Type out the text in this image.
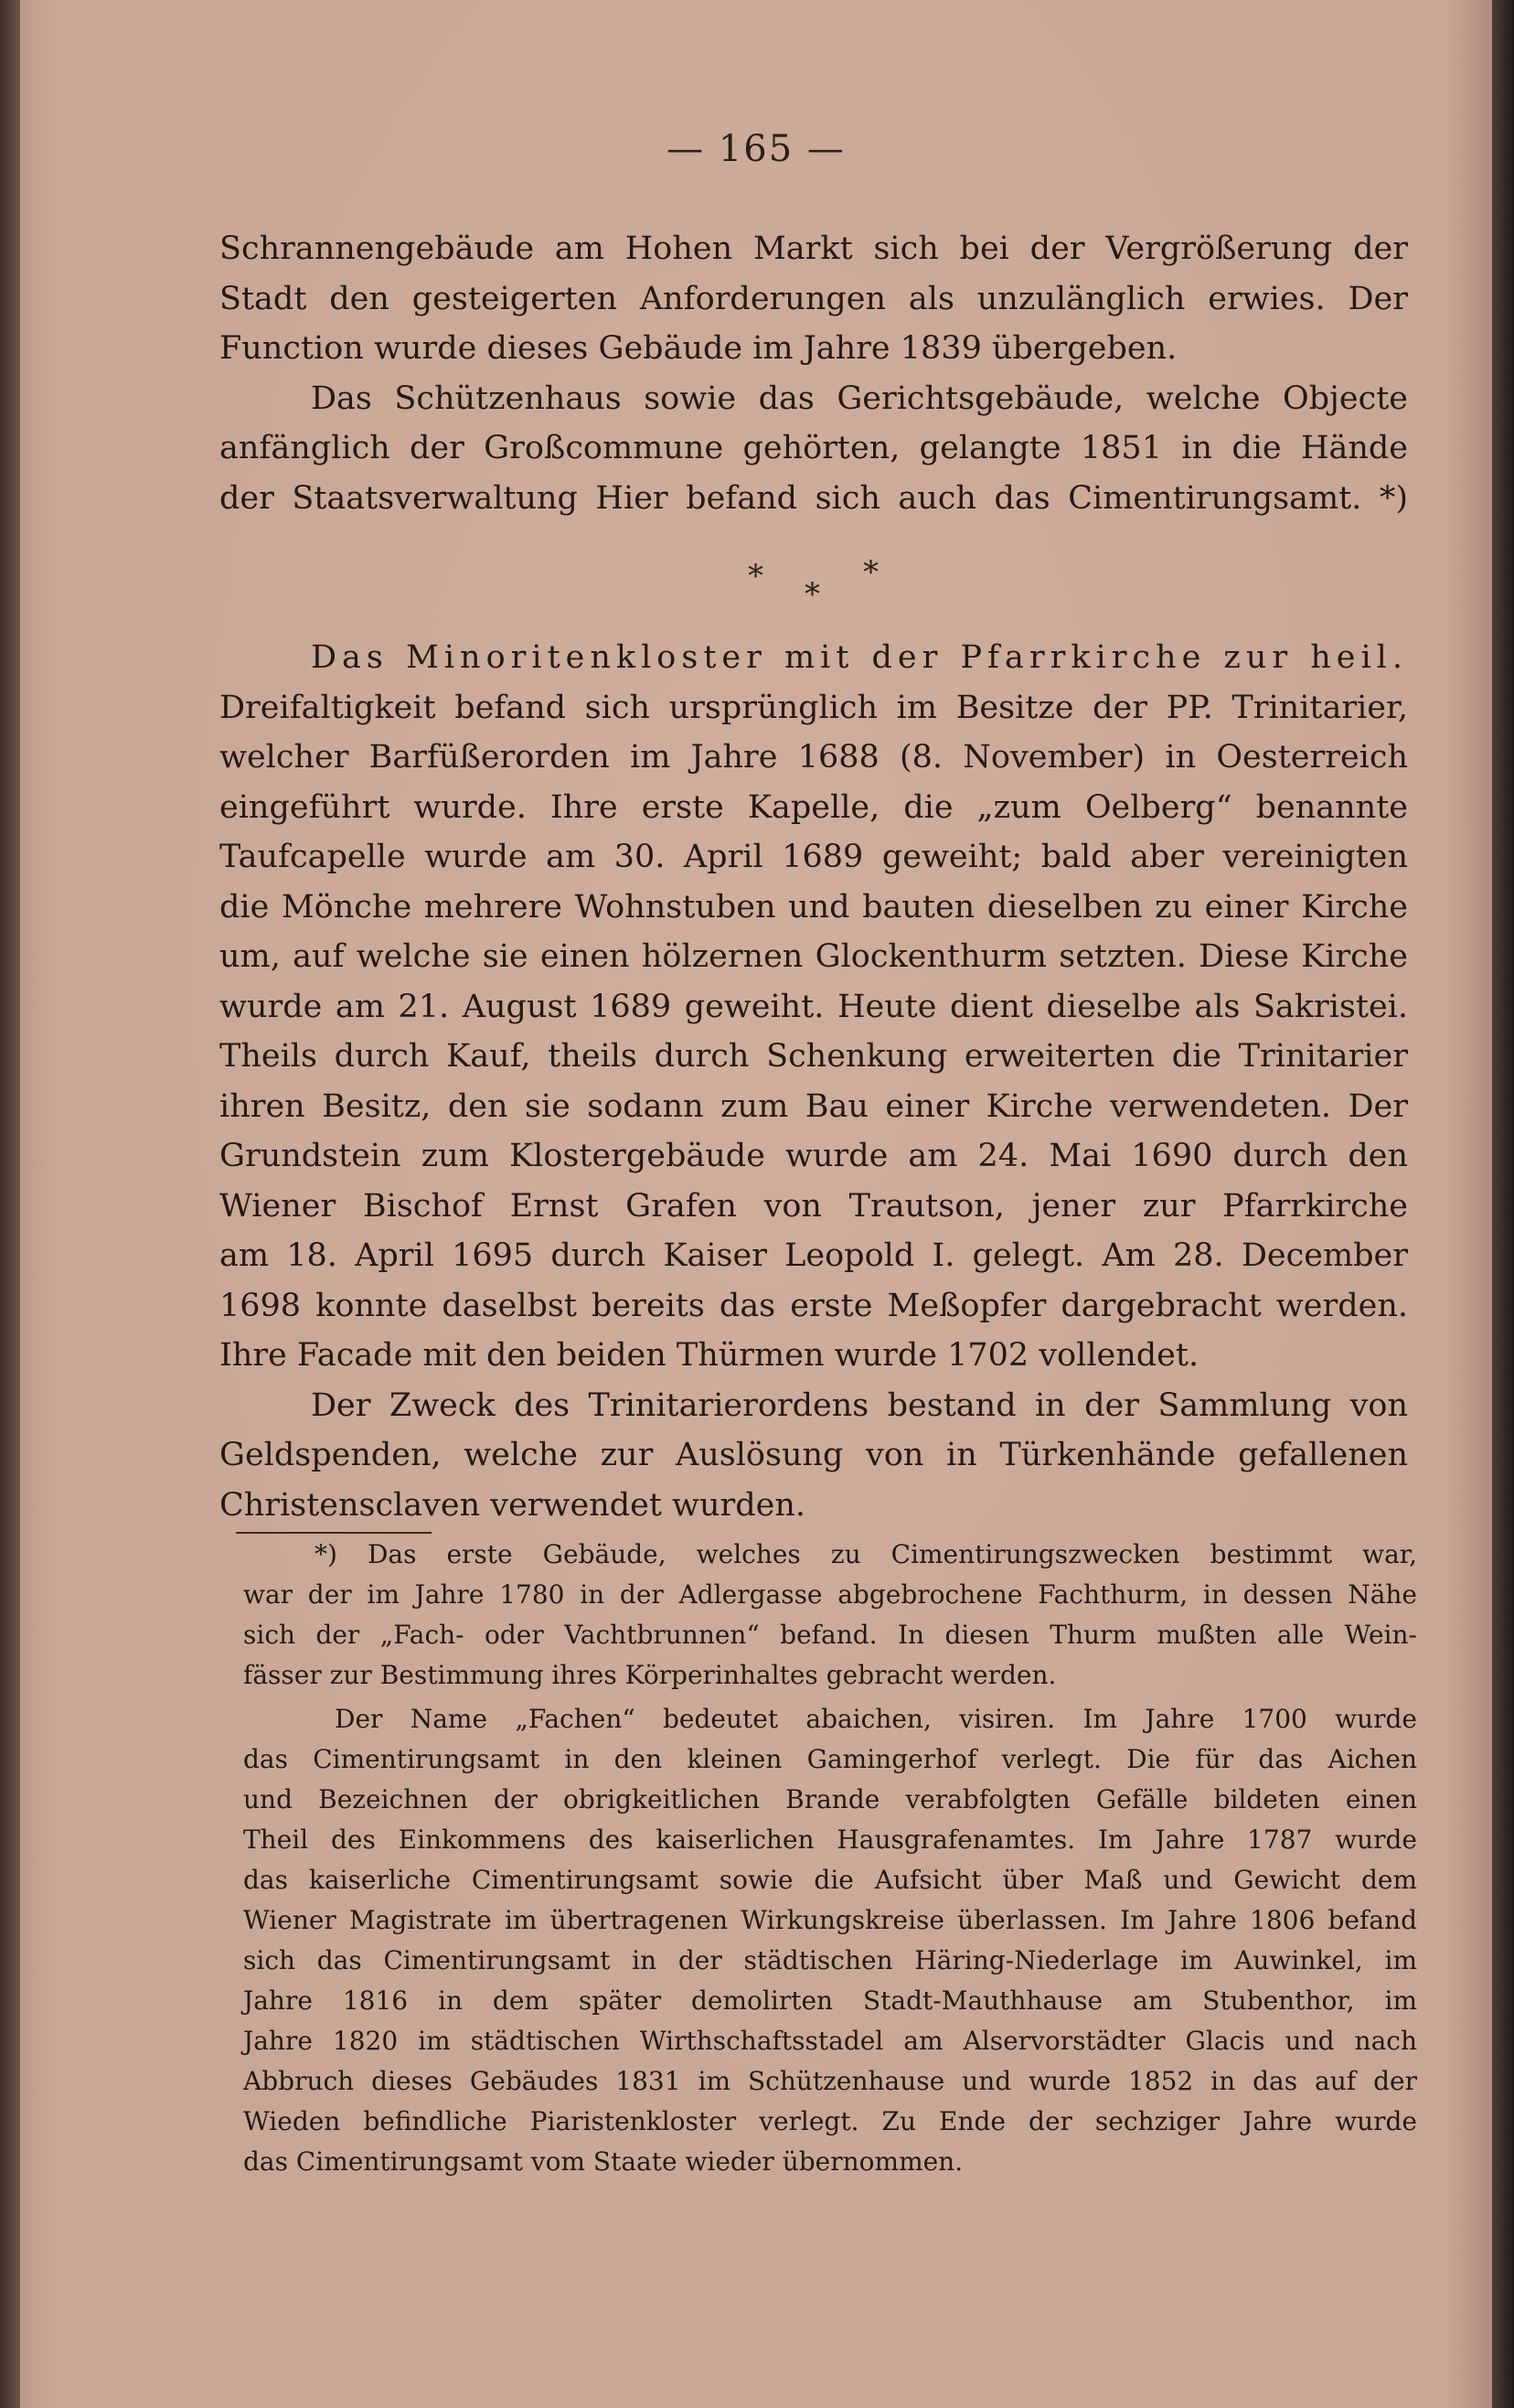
— 165 —
Schrannengebäude am Hohen Markt sich bei der Vergrößerung der
Stadt den gesteigerten Anforderungen als unzulänglich erwies. Der
Function wurde dieses Gebäude im Jahre 1839 übergeben.
Das Schützenhaus sowie das Gerichtsgebäude, welche Objecte
anfänglich der Großcommune gehörten, gelangte 1851 in die Hände
der Staatsverwaltung Hier befand sich auch das Cimentirungsamt. *)
* *
*
Das Minoritenkloster mit der Pfarrkirche zur heil.
Dreifaltigkeit befand sich ursprünglich im Besitze der PP. Trinitarier,
welcher Barfüßerorden im Jahre 1688 (8. November) in Oesterreich
eingeführt wurde. Ihre erste Kapelle, die „zum Oelberg“ benannte
Taufcapelle wurde am 30. April 1689 geweiht; bald aber vereinigten
die Mönche mehrere Wohnstuben und bauten dieselben zu einer Kirche
um, auf welche sie einen hölzernen Glockenthurm setzten. Diese Kirche
wurde am 21. August 1689 geweiht. Heute dient dieselbe als Sakristei.
Theils durch Kauf, theils durch Schenkung erweiterten die Trinitarier
ihren Besitz, den sie sodann zum Bau einer Kirche verwendeten. Der
Grundstein zum Klostergebäude wurde am 24. Mai 1690 durch den
Wiener Bischof Ernst Grafen von Trautson, jener zur Pfarrkirche
am 18. April 1695 durch Kaiser Leopold I. gelegt. Am 28. December
1698 konnte daselbst bereits das erste Meßopfer dargebracht werden.
Ihre Facade mit den beiden Thürmen wurde 1702 vollendet.
Der Zweck des Trinitarierordens bestand in der Sammlung von
Geldspenden, welche zur Auslösung von in Türkenhände gefallenen
Christensclaven verwendet wurden.
*) Das erste Gebäude, welches zu Cimentirungszwecken bestimmt war,
war der im Jahre 1780 in der Adlergasse abgebrochene Fachthurm, in dessen Nähe
sich der „Fach- oder Vachtbrunnen“ befand. In diesen Thurm mußten alle Wein-
fässer zur Bestimmung ihres Körperinhaltes gebracht werden.
Der Name „Fachen“ bedeutet abaichen, visiren. Im Jahre 1700 wurde
das Cimentirungsamt in den kleinen Gamingerhof verlegt. Die für das Aichen
und Bezeichnen der obrigkeitlichen Brande verabfolgten Gefälle bildeten einen
Theil des Einkommens des kaiserlichen Hausgrafenamtes. Im Jahre 1787 wurde
das kaiserliche Cimentirungsamt sowie die Aufsicht über Maß und Gewicht dem
Wiener Magistrate im übertragenen Wirkungskreise überlassen. Im Jahre 1806 befand
sich das Cimentirungsamt in der städtischen Häring-Niederlage im Auwinkel, im
Jahre 1816 in dem später demolirten Stadt-Mauthhause am Stubenthor, im
Jahre 1820 im städtischen Wirthschaftsstadel am Alservorstädter Glacis und nach
Abbruch dieses Gebäudes 1831 im Schützenhause und wurde 1852 in das auf der
Wieden befindliche Piaristenkloster verlegt. Zu Ende der sechziger Jahre wurde
das Cimentirungsamt vom Staate wieder übernommen.
